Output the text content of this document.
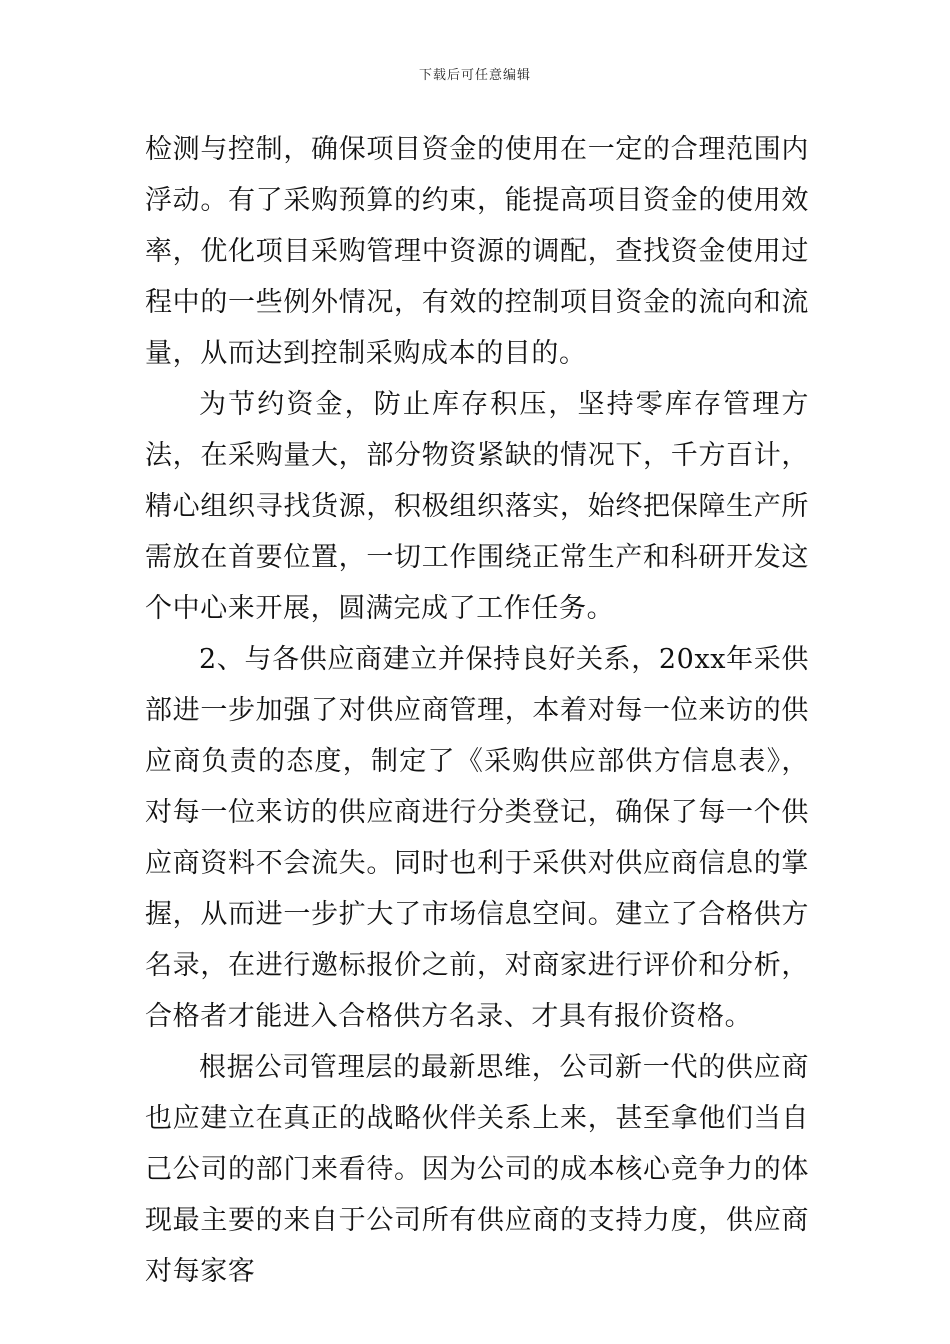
下载后可任意编辑

检测与控制，确保项目资金的使用在一定的合理范围内浮动。有了采购预算的约束，能提高项目资金的使用效率，优化项目采购管理中资源的调配，查找资金使用过程中的一些例外情况，有效的控制项目资金的流向和流量，从而达到控制采购成本的目的。

为节约资金，防止库存积压，坚持零库存管理方法，在采购量大，部分物资紧缺的情况下，千方百计，精心组织寻找货源，积极组织落实，始终把保障生产所需放在首要位置，一切工作围绕正常生产和科研开发这个中心来开展，圆满完成了工作任务。

2、与各供应商建立并保持良好关系，20xx年采供部进一步加强了对供应商管理，本着对每一位来访的供应商负责的态度，制定了《采购供应部供方信息表》，对每一位来访的供应商进行分类登记，确保了每一个供应商资料不会流失。同时也利于采供对供应商信息的掌握，从而进一步扩大了市场信息空间。建立了合格供方名录，在进行邀标报价之前，对商家进行评价和分析，合格者才能进入合格供方名录、才具有报价资格。

根据公司管理层的最新思维，公司新一代的供应商也应建立在真正的战略伙伴关系上来，甚至拿他们当自己公司的部门来看待。因为公司的成本核心竞争力的体现最主要的来自于公司所有供应商的支持力度，供应商对每家客
